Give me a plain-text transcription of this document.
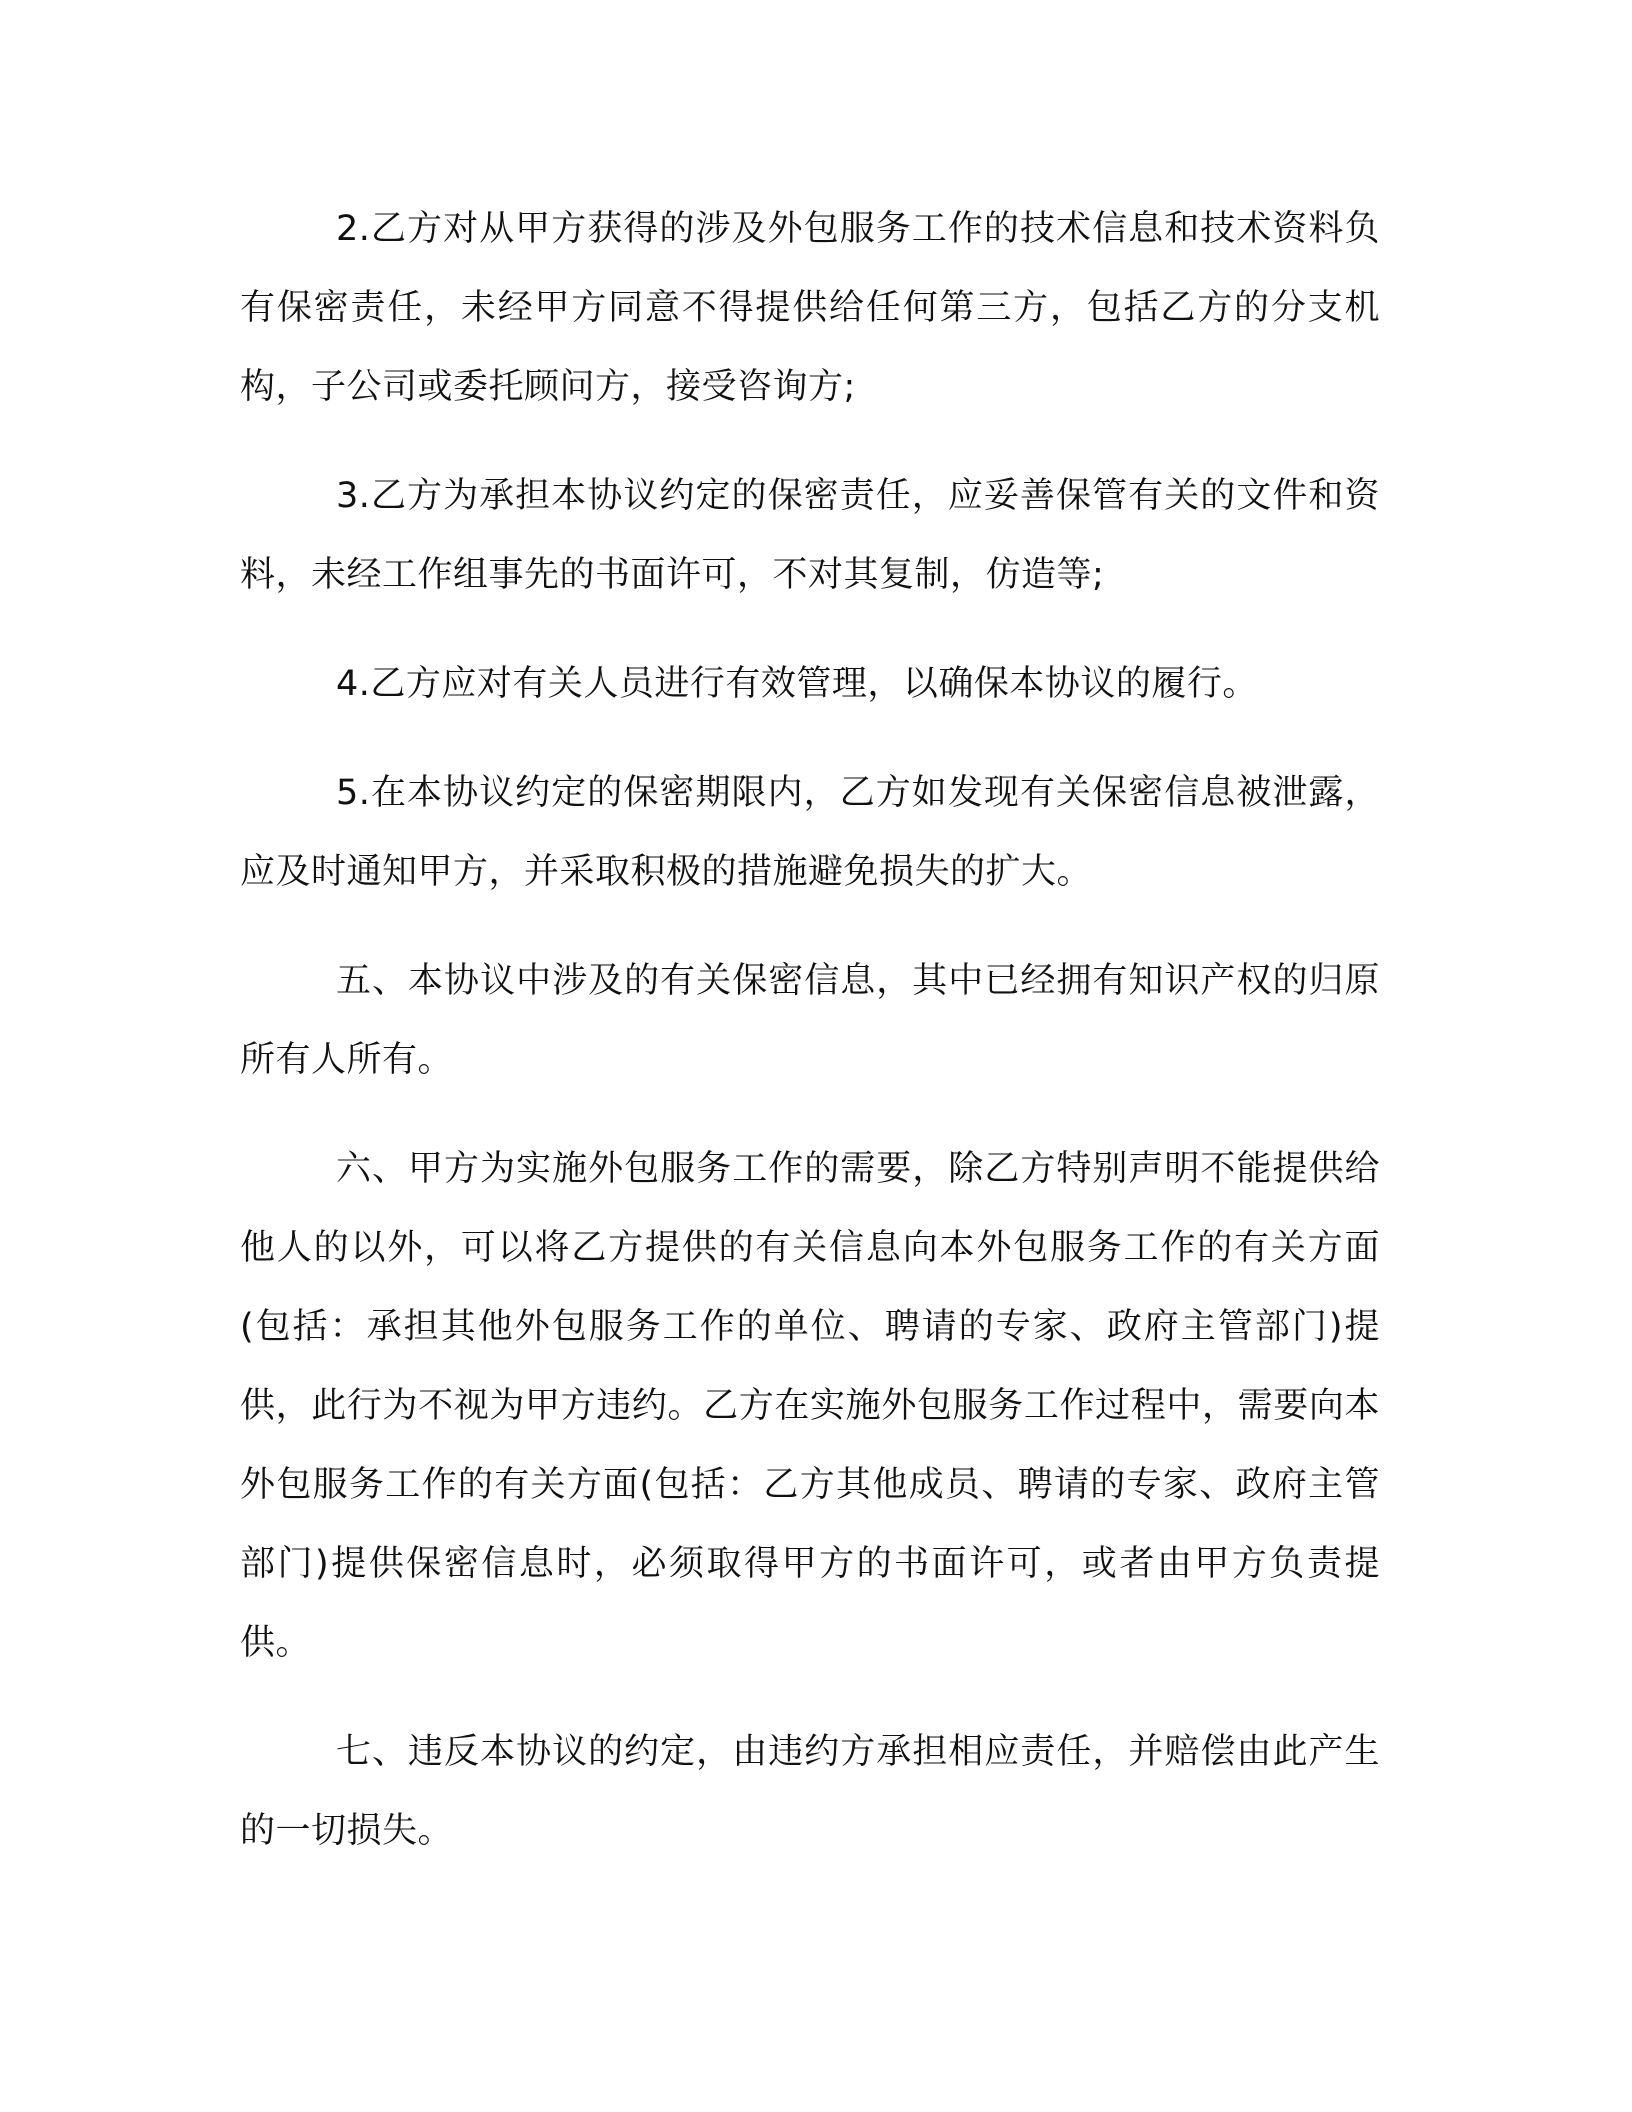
2.乙方对从甲方获得的涉及外包服务工作的技术信息和技术资料负有保密责任，未经甲方同意不得提供给任何第三方，包括乙方的分支机构，子公司或委托顾问方，接受咨询方;

3.乙方为承担本协议约定的保密责任，应妥善保管有关的文件和资料，未经工作组事先的书面许可，不对其复制，仿造等;

4.乙方应对有关人员进行有效管理，以确保本协议的履行。

5.在本协议约定的保密期限内，乙方如发现有关保密信息被泄露，应及时通知甲方，并采取积极的措施避免损失的扩大。

五、本协议中涉及的有关保密信息，其中已经拥有知识产权的归原所有人所有。

六、甲方为实施外包服务工作的需要，除乙方特别声明不能提供给他人的以外，可以将乙方提供的有关信息向本外包服务工作的有关方面(包括：承担其他外包服务工作的单位、聘请的专家、政府主管部门)提供，此行为不视为甲方违约。乙方在实施外包服务工作过程中，需要向本外包服务工作的有关方面(包括：乙方其他成员、聘请的专家、政府主管部门)提供保密信息时，必须取得甲方的书面许可，或者由甲方负责提供。

七、违反本协议的约定，由违约方承担相应责任，并赔偿由此产生的一切损失。
